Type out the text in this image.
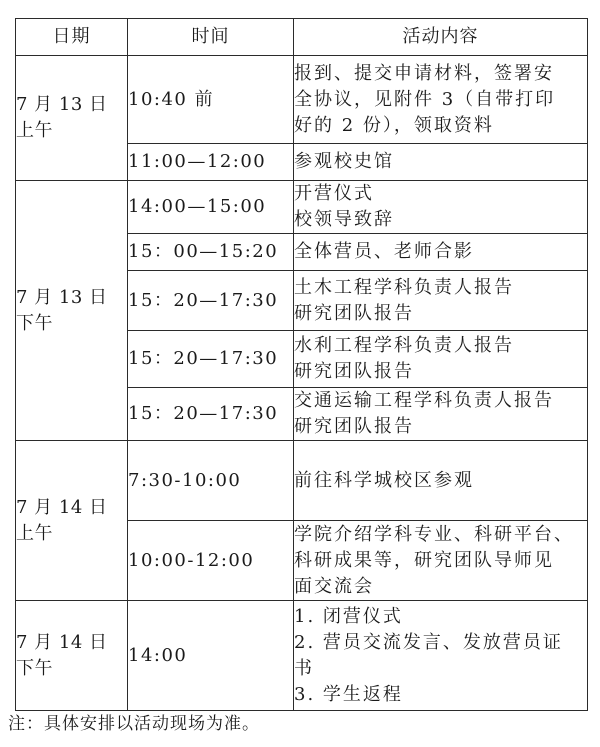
日期	时间	活动内容

7 月 13 日
上午	10:40 前	报到、提交申请材料，签署安
全协议，见附件 3（自带打印
好的 2 份），领取资料

	11:00—12:00	参观校史馆

7 月 13 日
下午	14:00—15:00	开营仪式
校领导致辞

	15：00—15:20	全体营员、老师合影

	15：20—17:30	土木工程学科负责人报告
研究团队报告

	15：20—17:30	水利工程学科负责人报告
研究团队报告

	15：20—17:30	交通运输工程学科负责人报告
研究团队报告

7 月 14 日
上午	7:30-10:00	前往科学城校区参观

	10:00-12:00	学院介绍学科专业、科研平台、
科研成果等，研究团队导师见
面交流会

7 月 14 日
下午	14:00	1. 闭营仪式
2. 营员交流发言、发放营员证
书
3. 学生返程
注：具体安排以活动现场为准。
